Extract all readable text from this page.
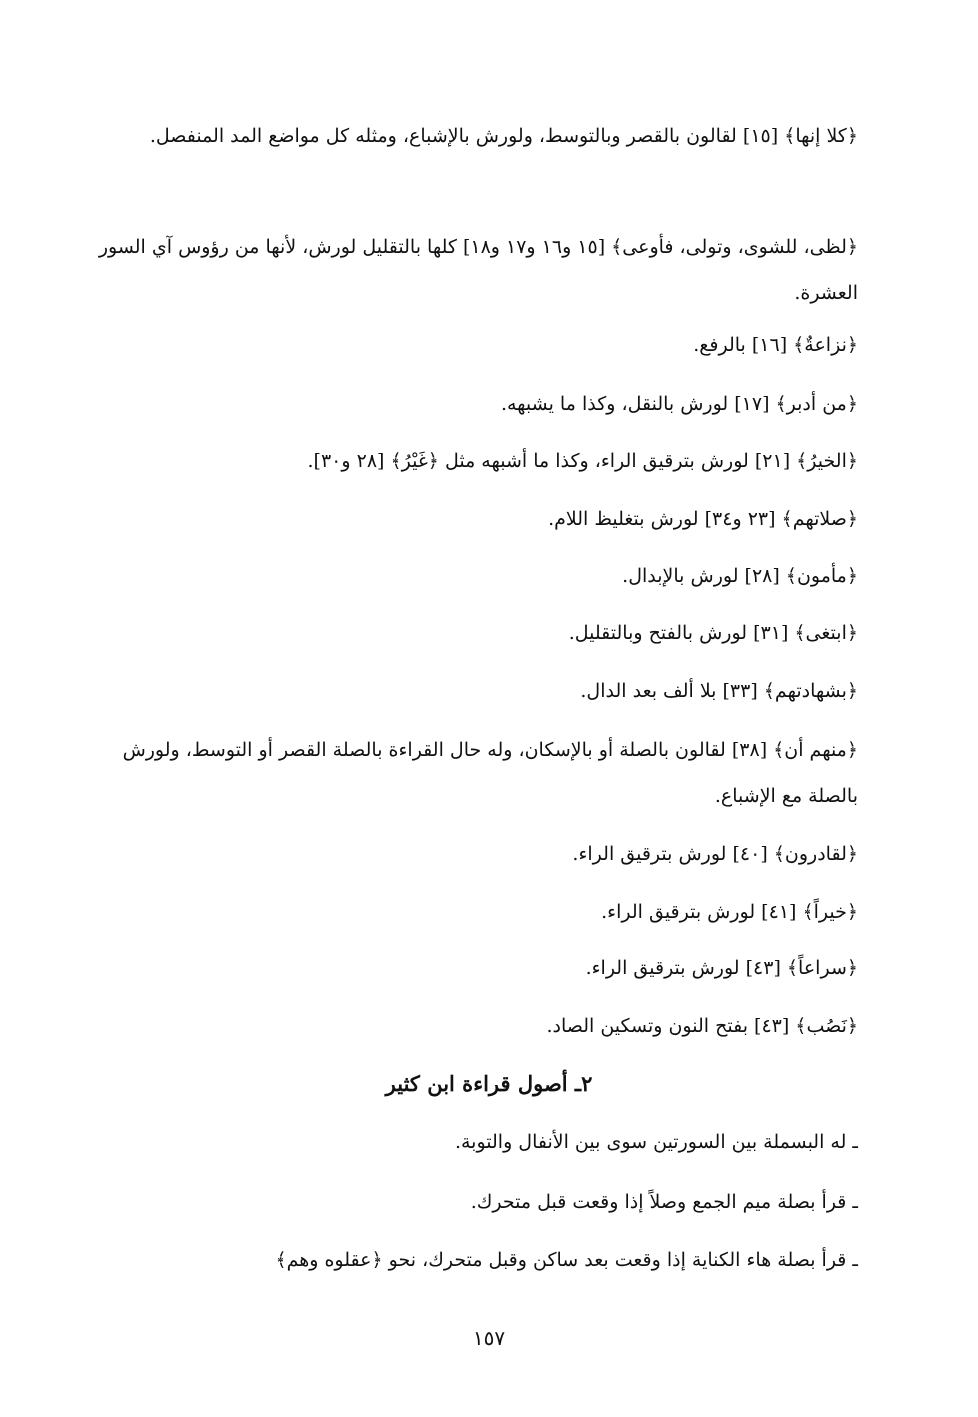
﴿كلا إنها﴾ [١٥] لقالون بالقصر وبالتوسط، ولورش بالإشباع، ومثله كل مواضع المد المنفصل.

﴿لظى، للشوى، وتولى، فأوعى﴾ [١٥ و١٦ و١٧ و١٨] كلها بالتقليل لورش، لأنها من رؤوس آي السور العشرة.

﴿نزاعةٌ﴾ [١٦] بالرفع.

﴿من أدبر﴾ [١٧] لورش بالنقل، وكذا ما يشبهه.

﴿الخيرُ﴾ [٢١] لورش بترقيق الراء، وكذا ما أشبهه مثل ﴿غَيْرُ﴾ [٢٨ و٣٠].

﴿صلاتهم﴾ [٢٣ و٣٤] لورش بتغليظ اللام.

﴿مأمون﴾ [٢٨] لورش بالإبدال.

﴿ابتغى﴾ [٣١] لورش بالفتح وبالتقليل.

﴿بشهادتهم﴾ [٣٣] بلا ألف بعد الدال.

﴿منهم أن﴾ [٣٨] لقالون بالصلة أو بالإسكان، وله حال القراءة بالصلة القصر أو التوسط، ولورش بالصلة مع الإشباع.

﴿لقادرون﴾ [٤٠] لورش بترقيق الراء.

﴿خيراً﴾ [٤١] لورش بترقيق الراء.

﴿سراعاً﴾ [٤٣] لورش بترقيق الراء.

﴿نَصُب﴾ [٤٣] بفتح النون وتسكين الصاد.

٢ـ أصول قراءة ابن كثير

ـ له البسملة بين السورتين سوى بين الأنفال والتوبة.

ـ قرأ بصلة ميم الجمع وصلاً إذا وقعت قبل متحرك.

ـ قرأ بصلة هاء الكناية إذا وقعت بعد ساكن وقبل متحرك، نحو ﴿عقلوه وهم﴾

١٥٧
